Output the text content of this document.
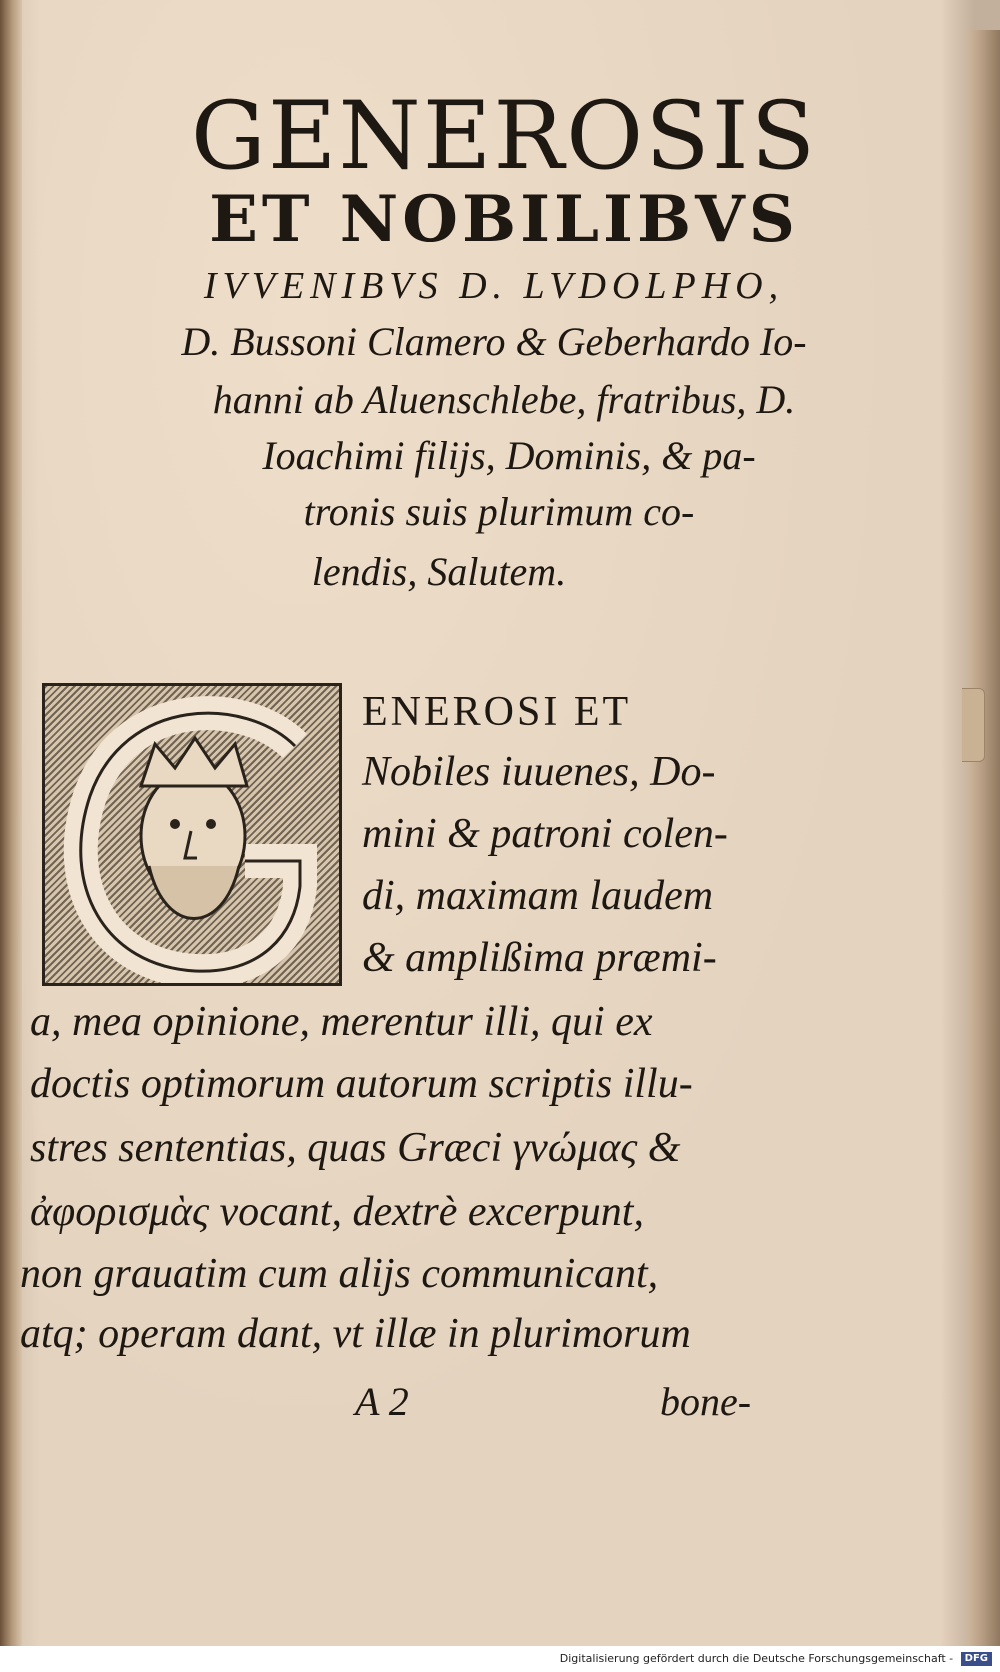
GENEROSIS
ET NOBILIBVS
IVVENIBVS D. LVDOLPHO,
D. Bussoni Clamero & Geberhardo Io-
hanni ab Aluenschlebe, fratribus, D.
Ioachimi filijs, Dominis, & pa-
tronis suis plurimum co-
lendis, Salutem.
ENEROSI ET
Nobiles iuuenes, Do-
mini & patroni colen-
di, maximam laudem
& amplißima præmi-
a, mea opinione, merentur illi, qui ex
doctis optimorum autorum scriptis illu-
stres sententias, quas Græci γνώμας &
ἀφορισμὰς vocant, dextrè excerpunt,
non grauatim cum alijs communicant,
atq; operam dant, vt illæ in plurimorum
A 2	bone-
Digitalisierung gefördert durch die Deutsche Forschungsgemeinschaft - DFG
